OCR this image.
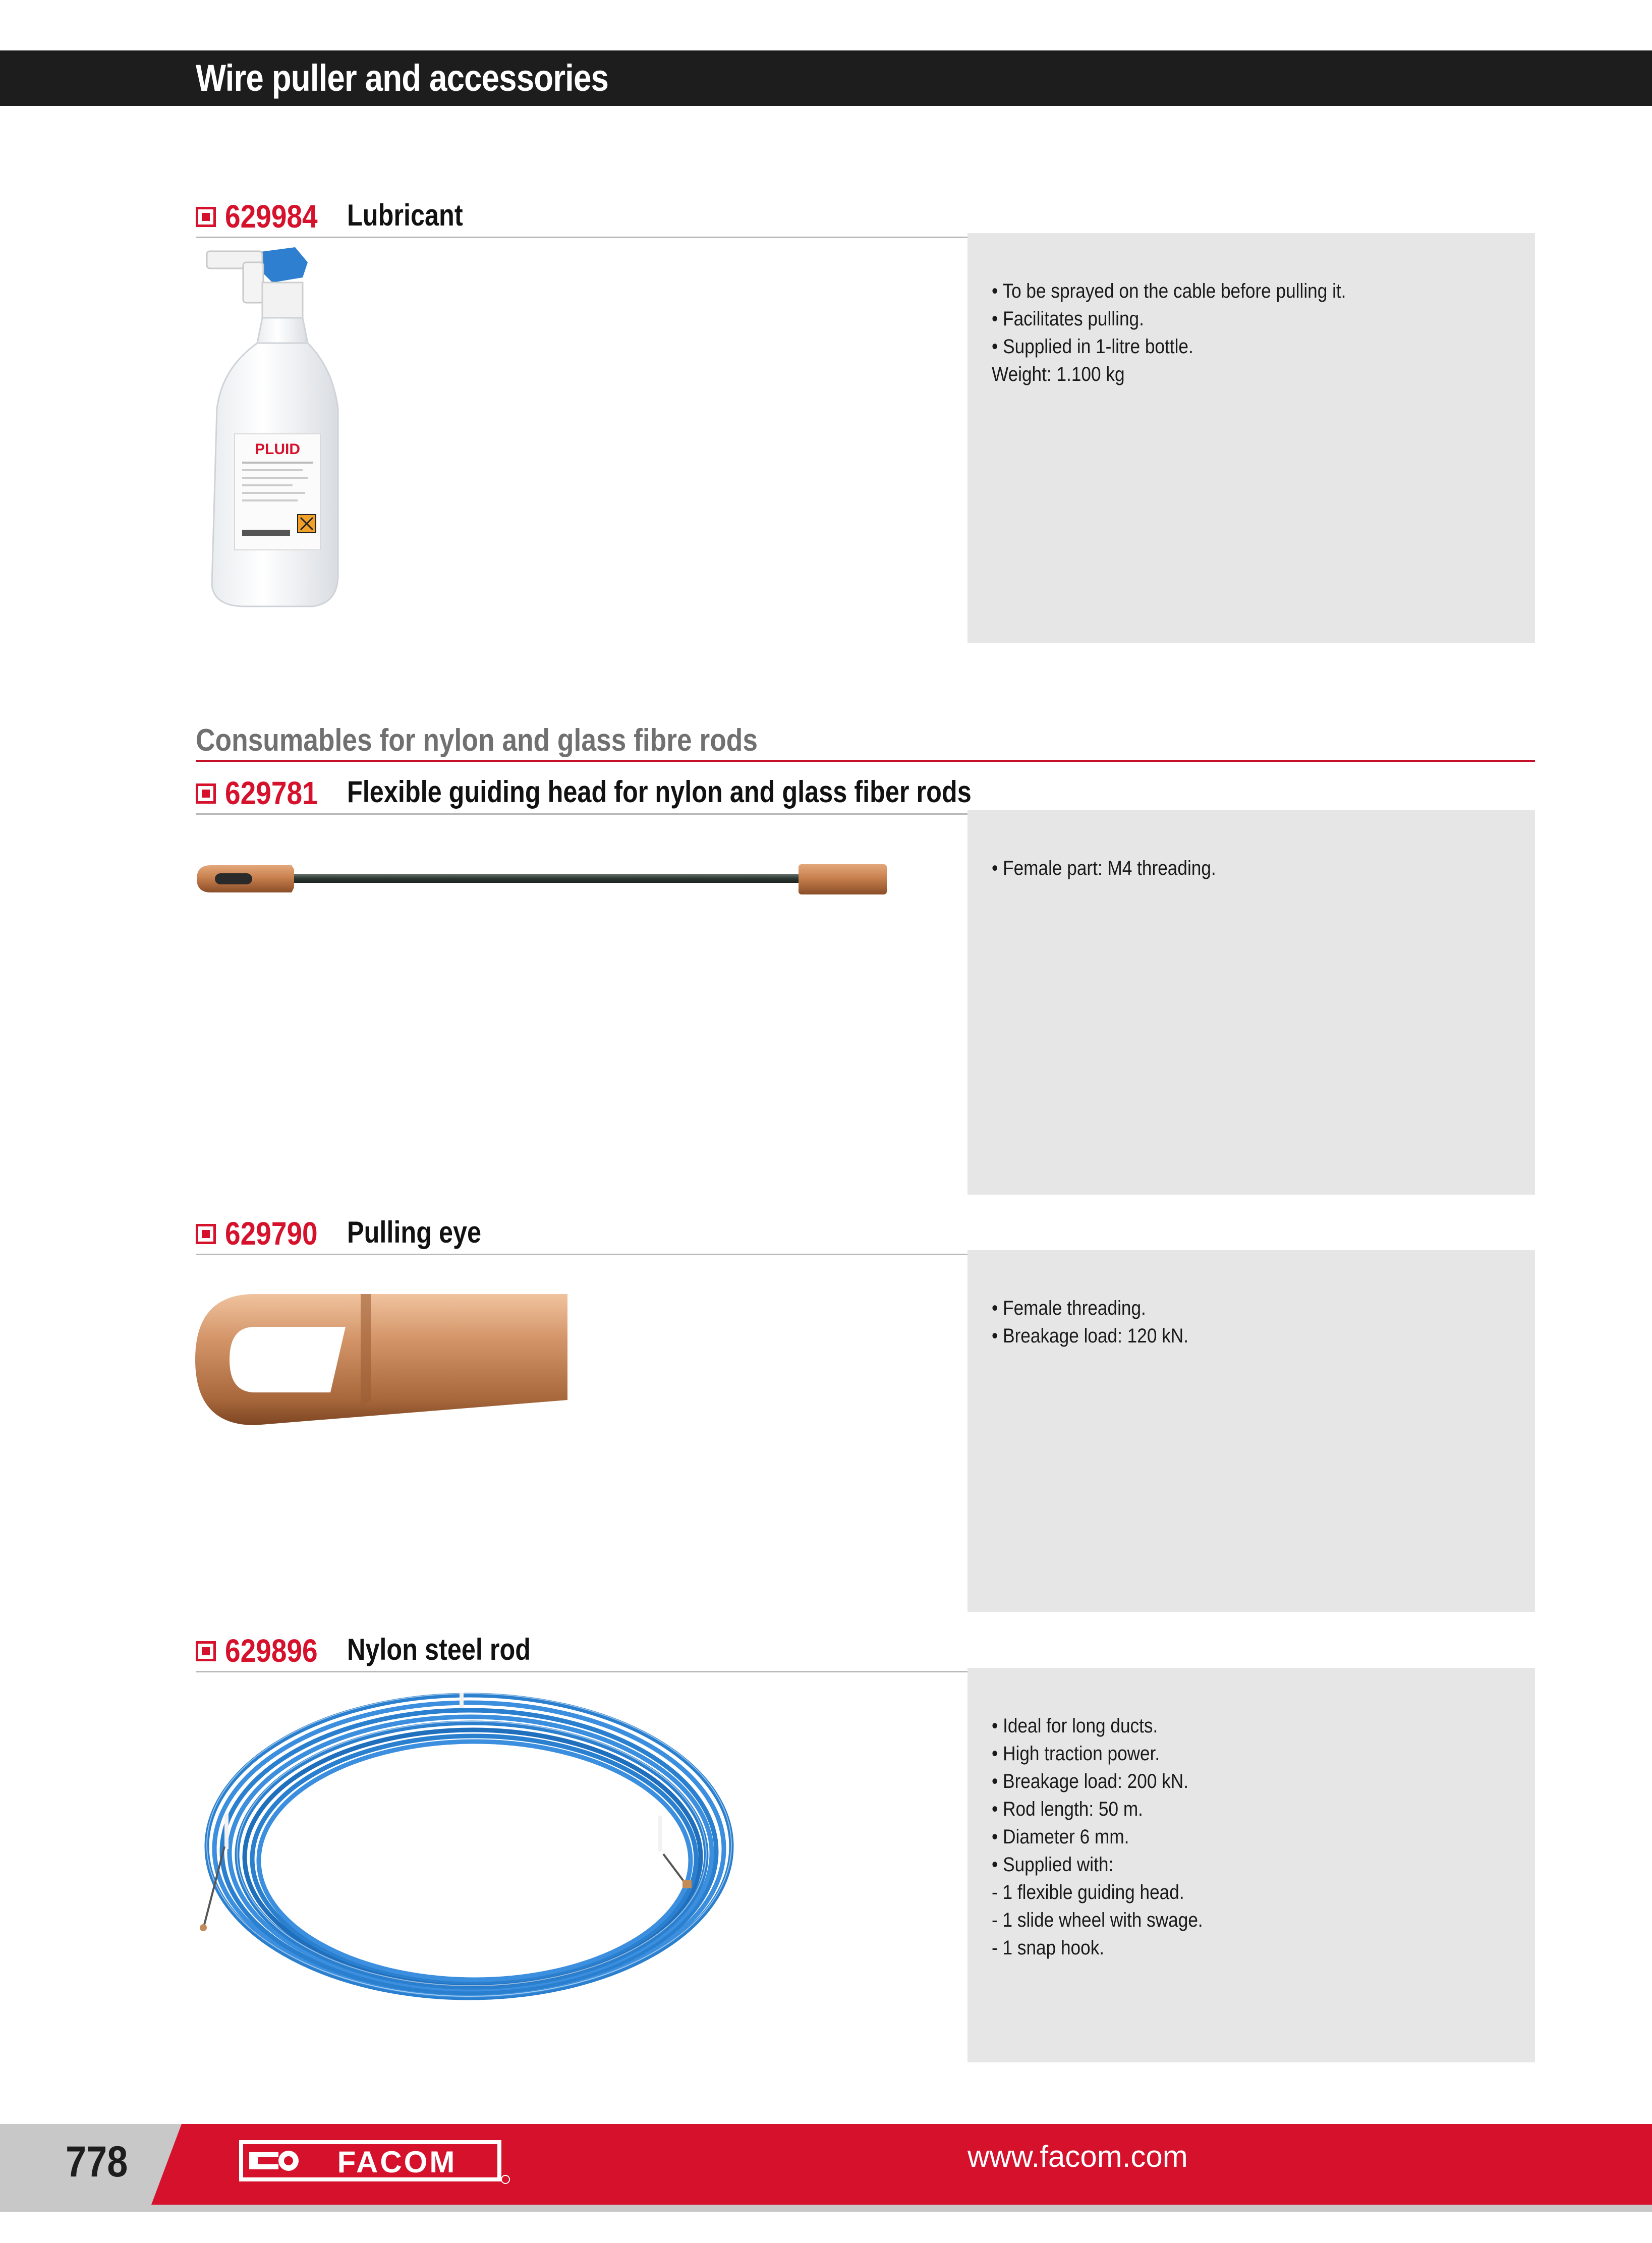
Wire puller and accessories
629984 Lubricant
• To be sprayed on the cable before pulling it.
• Facilitates pulling.
• Supplied in 1-litre bottle.
Weight: 1.100 kg
PLUID
Consumables for nylon and glass fibre rods
629781 Flexible guiding head for nylon and glass fiber rods
• Female part: M4 threading.
629790 Pulling eye
• Female threading.
• Breakage load: 120 kN.
629896 Nylon steel rod
• Ideal for long ducts.
• High traction power.
• Breakage load: 200 kN.
• Rod length: 50 m.
• Diameter 6 mm.
• Supplied with:
- 1 flexible guiding head.
- 1 slide wheel with swage.
- 1 snap hook.
778	FACOM	www.facom.com
